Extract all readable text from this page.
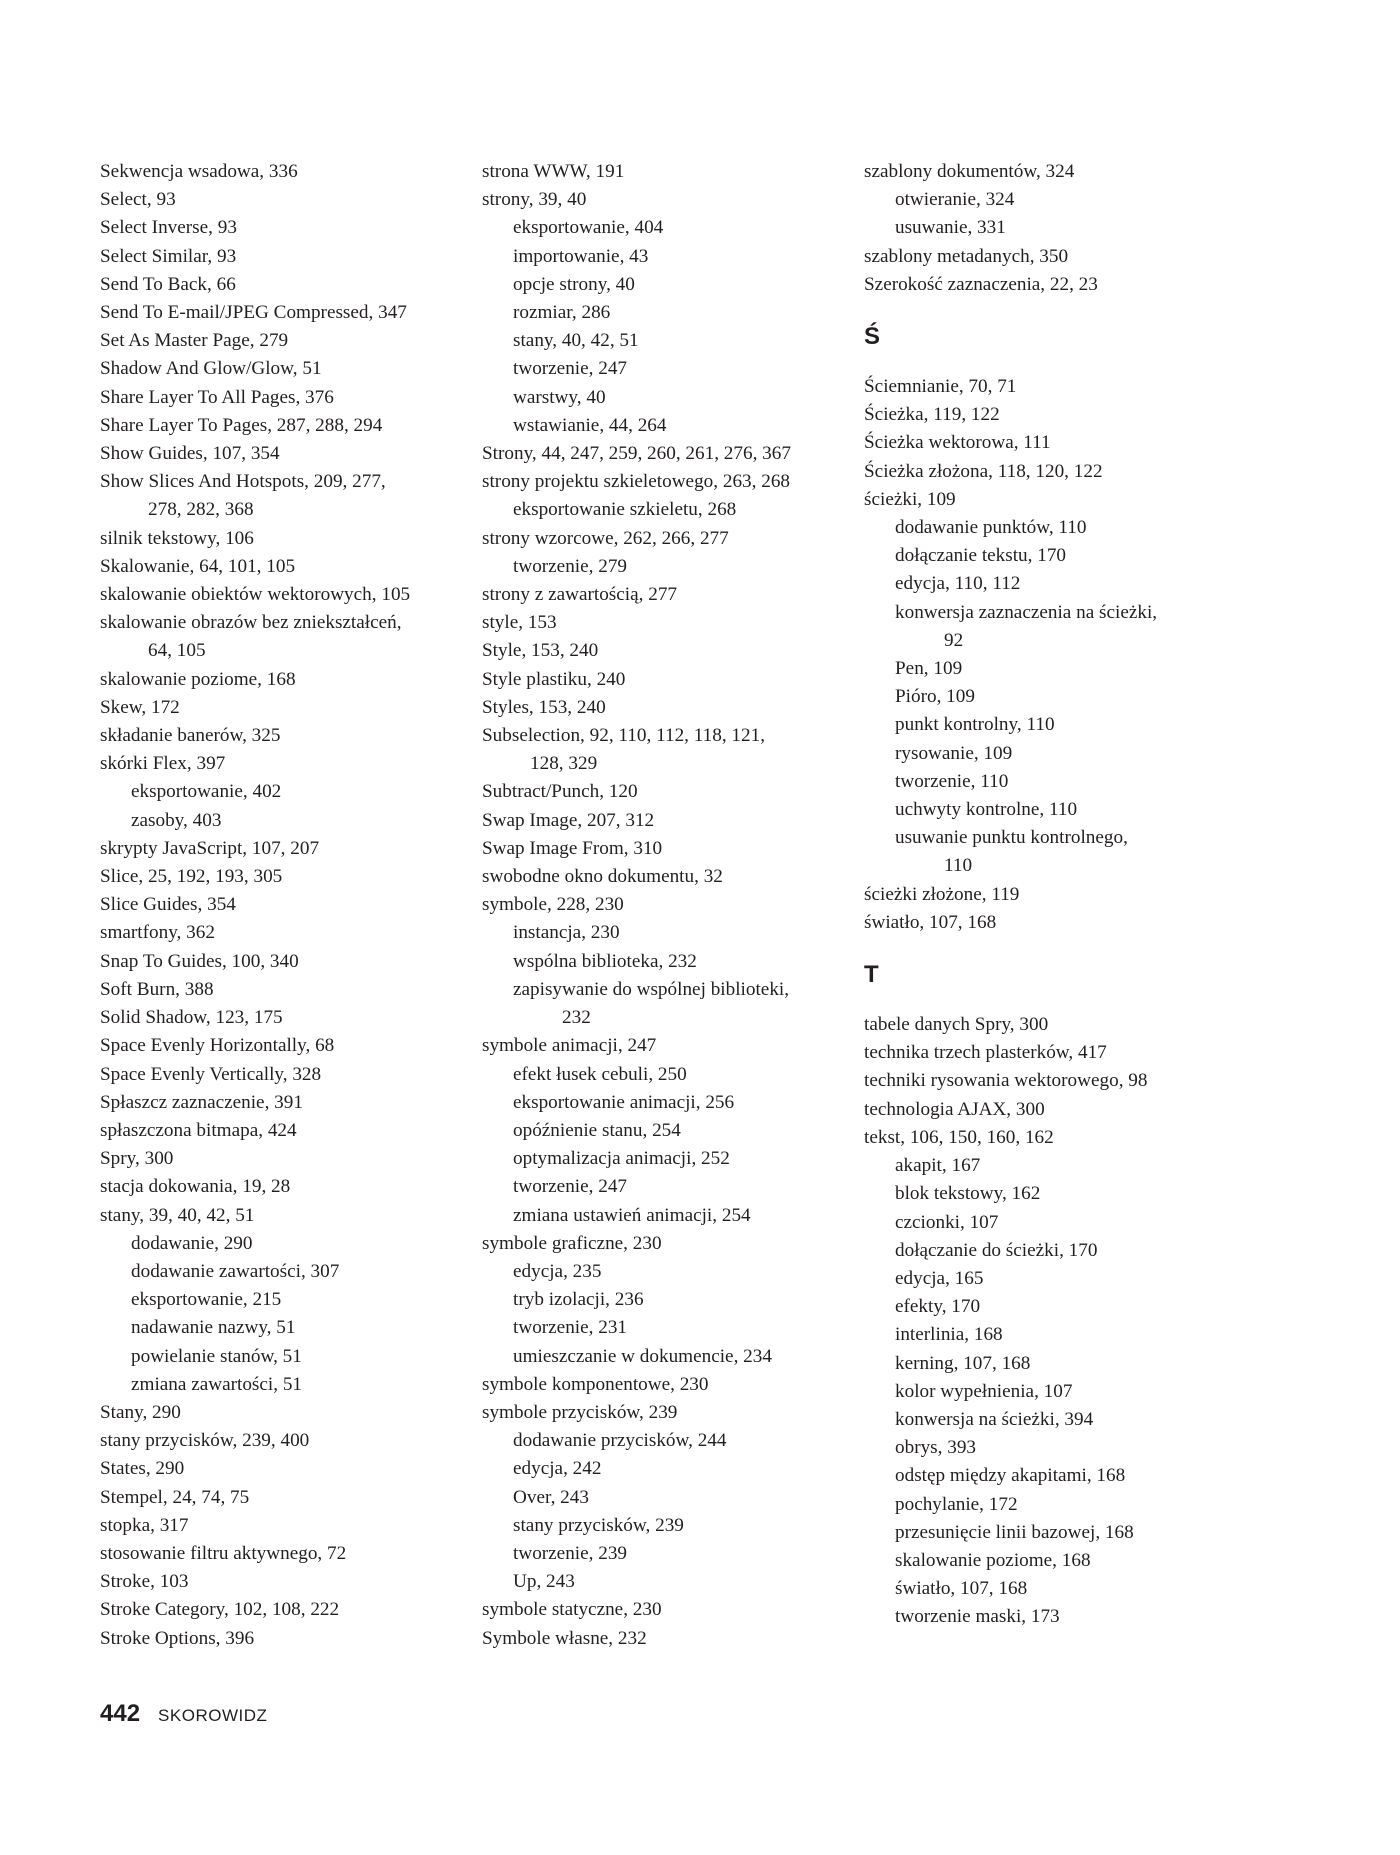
Sekwencja wsadowa, 336
Select, 93
Select Inverse, 93
Select Similar, 93
Send To Back, 66
Send To E-mail/JPEG Compressed, 347
Set As Master Page, 279
Shadow And Glow/Glow, 51
Share Layer To All Pages, 376
Share Layer To Pages, 287, 288, 294
Show Guides, 107, 354
Show Slices And Hotspots, 209, 277,
278, 282, 368
silnik tekstowy, 106
Skalowanie, 64, 101, 105
skalowanie obiektów wektorowych, 105
skalowanie obrazów bez zniekształceń,
64, 105
skalowanie poziome, 168
Skew, 172
składanie banerów, 325
skórki Flex, 397
eksportowanie, 402
zasoby, 403
skrypty JavaScript, 107, 207
Slice, 25, 192, 193, 305
Slice Guides, 354
smartfony, 362
Snap To Guides, 100, 340
Soft Burn, 388
Solid Shadow, 123, 175
Space Evenly Horizontally, 68
Space Evenly Vertically, 328
Spłaszcz zaznaczenie, 391
spłaszczona bitmapa, 424
Spry, 300
stacja dokowania, 19, 28
stany, 39, 40, 42, 51
dodawanie, 290
dodawanie zawartości, 307
eksportowanie, 215
nadawanie nazwy, 51
powielanie stanów, 51
zmiana zawartości, 51
Stany, 290
stany przycisków, 239, 400
States, 290
Stempel, 24, 74, 75
stopka, 317
stosowanie filtru aktywnego, 72
Stroke, 103
Stroke Category, 102, 108, 222
Stroke Options, 396
strona WWW, 191
strony, 39, 40
eksportowanie, 404
importowanie, 43
opcje strony, 40
rozmiar, 286
stany, 40, 42, 51
tworzenie, 247
warstwy, 40
wstawianie, 44, 264
Strony, 44, 247, 259, 260, 261, 276, 367
strony projektu szkieletowego, 263, 268
eksportowanie szkieletu, 268
strony wzorcowe, 262, 266, 277
tworzenie, 279
strony z zawartością, 277
style, 153
Style, 153, 240
Style plastiku, 240
Styles, 153, 240
Subselection, 92, 110, 112, 118, 121,
128, 329
Subtract/Punch, 120
Swap Image, 207, 312
Swap Image From, 310
swobodne okno dokumentu, 32
symbole, 228, 230
instancja, 230
wspólna biblioteka, 232
zapisywanie do wspólnej biblioteki,
232
symbole animacji, 247
efekt łusek cebuli, 250
eksportowanie animacji, 256
opóźnienie stanu, 254
optymalizacja animacji, 252
tworzenie, 247
zmiana ustawień animacji, 254
symbole graficzne, 230
edycja, 235
tryb izolacji, 236
tworzenie, 231
umieszczanie w dokumencie, 234
symbole komponentowe, 230
symbole przycisków, 239
dodawanie przycisków, 244
edycja, 242
Over, 243
stany przycisków, 239
tworzenie, 239
Up, 243
symbole statyczne, 230
Symbole własne, 232
szablony dokumentów, 324
otwieranie, 324
usuwanie, 331
szablony metadanych, 350
Szerokość zaznaczenia, 22, 23
Ś
Ściemnianie, 70, 71
Ścieżka, 119, 122
Ścieżka wektorowa, 111
Ścieżka złożona, 118, 120, 122
ścieżki, 109
dodawanie punktów, 110
dołączanie tekstu, 170
edycja, 110, 112
konwersja zaznaczenia na ścieżki,
92
Pen, 109
Pióro, 109
punkt kontrolny, 110
rysowanie, 109
tworzenie, 110
uchwyty kontrolne, 110
usuwanie punktu kontrolnego,
110
ścieżki złożone, 119
światło, 107, 168
T
tabele danych Spry, 300
technika trzech plasterków, 417
techniki rysowania wektorowego, 98
technologia AJAX, 300
tekst, 106, 150, 160, 162
akapit, 167
blok tekstowy, 162
czcionki, 107
dołączanie do ścieżki, 170
edycja, 165
efekty, 170
interlinia, 168
kerning, 107, 168
kolor wypełnienia, 107
konwersja na ścieżki, 394
obrys, 393
odstęp między akapitami, 168
pochylanie, 172
przesunięcie linii bazowej, 168
skalowanie poziome, 168
światło, 107, 168
tworzenie maski, 173
442 SKOROWIDZ
